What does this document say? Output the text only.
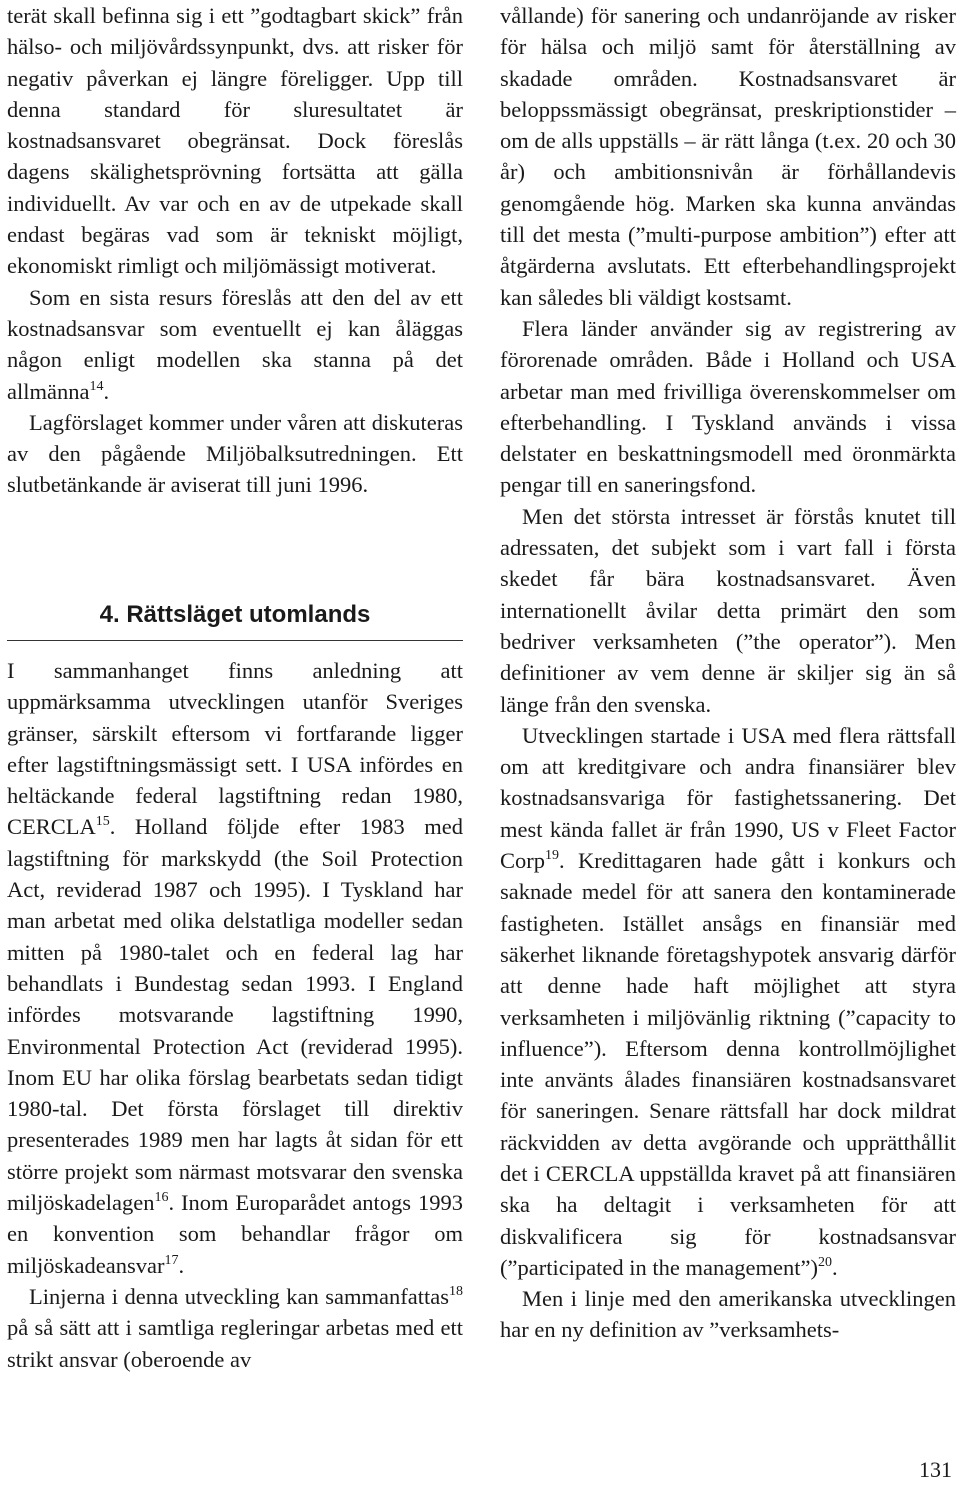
terät skall befinna sig i ett ”godtagbart skick” från hälso- och miljövårdssynpunkt, dvs. att risker för negativ påverkan ej längre föreligger. Upp till denna standard för sluresultatet är kostnadsansvaret obegränsat. Dock föreslås dagens skälighetsprövning fortsätta att gälla individuellt. Av var och en av de utpekade skall endast begäras vad som är tekniskt möjligt, ekonomiskt rimligt och miljömässigt motiverat.

Som en sista resurs föreslås att den del av ett kostnadsansvar som eventuellt ej kan åläggas någon enligt modellen ska stanna på det allmänna$^{14}$.

Lagförslaget kommer under våren att diskuteras av den pågående Miljöbalksutredningen. Ett slutbetänkande är aviserat till juni 1996.

4. Rättsläget utomlands

I sammanhanget finns anledning att uppmärksamma utvecklingen utanför Sveriges gränser, särskilt eftersom vi fortfarande ligger efter lagstiftningsmässigt sett. I USA infördes en heltäckande federal lagstiftning redan 1980, CERCLA$^{15}$. Holland följde efter 1983 med lagstiftning för markskydd (the Soil Protection Act, reviderad 1987 och 1995). I Tyskland har man arbetat med olika delstatliga modeller sedan mitten på 1980-talet och en federal lag har behandlats i Bundestag sedan 1993. I England infördes motsvarande lagstiftning 1990, Environmental Protection Act (reviderad 1995). Inom EU har olika förslag bearbetats sedan tidigt 1980-tal. Det första förslaget till direktiv presenterades 1989 men har lagts åt sidan för ett större projekt som närmast motsvarar den svenska miljöskadelagen$^{16}$. Inom Europarådet antogs 1993 en konvention som behandlar frågor om miljöskadeansvar$^{17}$.

Linjerna i denna utveckling kan sammanfattas$^{18}$ på så sätt att i samtliga regleringar arbetas med ett strikt ansvar (oberoende av

vållande) för sanering och undanröjande av risker för hälsa och miljö samt för återställning av skadade områden. Kostnadsansvaret är beloppssmässigt obegränsat, preskriptionstider – om de alls uppställs – är rätt långa (t.ex. 20 och 30 år) och ambitionsnivån är förhållandevis genomgående hög. Marken ska kunna användas till det mesta (”multi-purpose ambition”) efter att åtgärderna avslutats. Ett efterbehandlingsprojekt kan således bli väldigt kostsamt.

Flera länder använder sig av registrering av förorenade områden. Både i Holland och USA arbetar man med frivilliga överenskommelser om efterbehandling. I Tyskland används i vissa delstater en beskattningsmodell med öronmärkta pengar till en saneringsfond.

Men det största intresset är förstås knutet till adressaten, det subjekt som i vart fall i första skedet får bära kostnadsansvaret. Även internationellt åvilar detta primärt den som bedriver verksamheten (”the operator”). Men definitioner av vem denne är skiljer sig än så länge från den svenska.

Utvecklingen startade i USA med flera rättsfall om att kreditgivare och andra finansiärer blev kostnadsansvariga för fastighetssanering. Det mest kända fallet är från 1990, US v Fleet Factor Corp$^{19}$. Kredittagaren hade gått i konkurs och saknade medel för att sanera den kontaminerade fastigheten. Istället ansågs en finansiär med säkerhet liknande företagshypotek ansvarig därför att denne hade haft möjlighet att styra verksamheten i miljövänlig riktning (”capacity to influence”). Eftersom denna kontrollmöjlighet inte använts ålades finansiären kostnadsansvaret för saneringen. Senare rättsfall har dock mildrat räckvidden av detta avgörande och upprätthållit det i CERCLA uppställda kravet på att finansiären ska ha deltagit i verksamheten för att diskvalificera sig för kostnadsansvar (”participated in the management”)$^{20}$.

Men i linje med den amerikanska utvecklingen har en ny definition av ”verksamhets-

131
